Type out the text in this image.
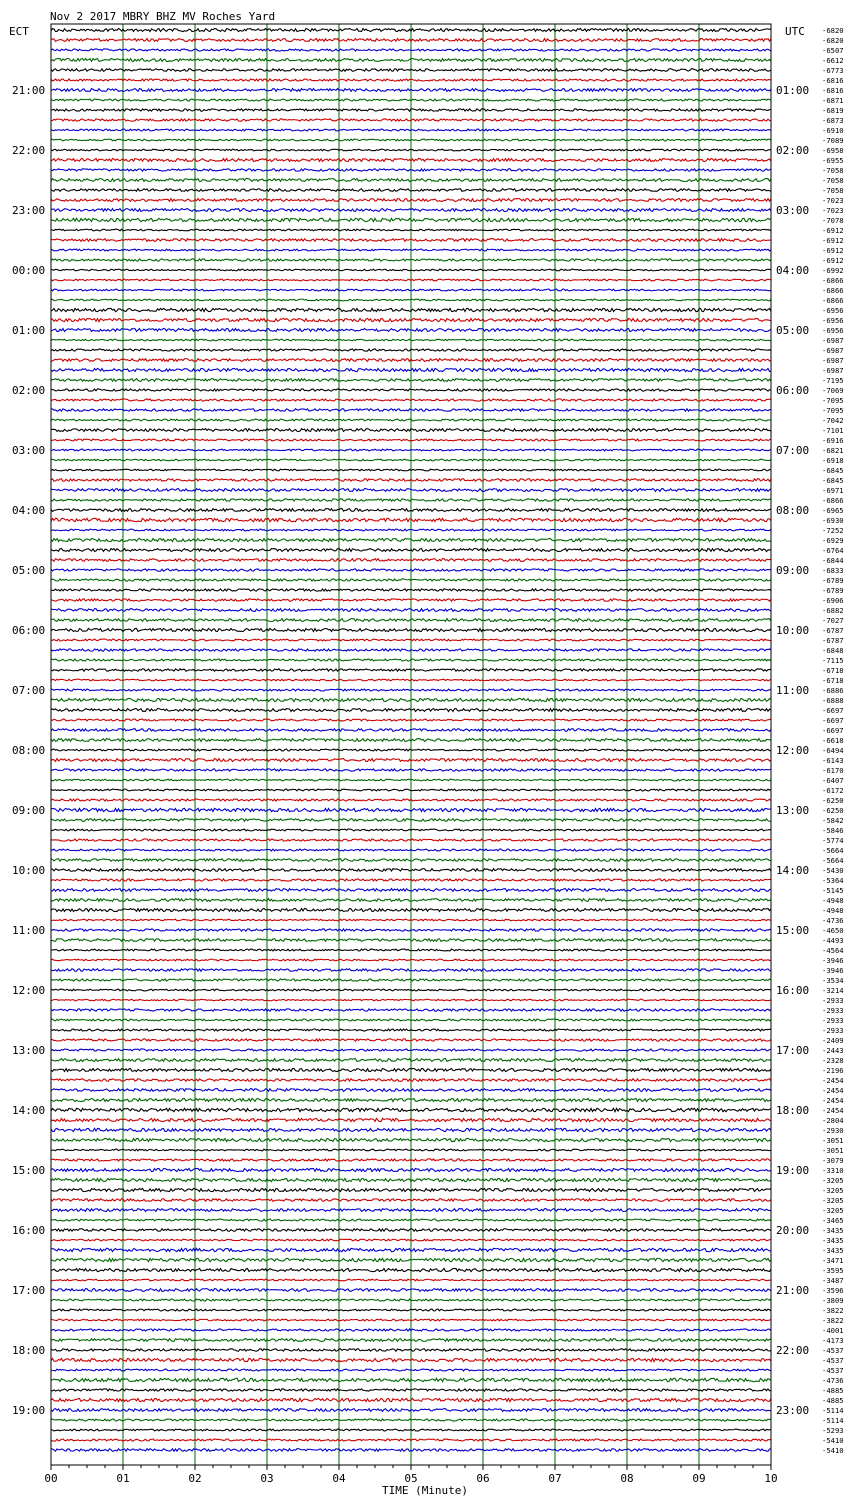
Nov 2 2017 MBRY BHZ MV Roches Yard
ECT	UTC
21:00
22:00
23:00
00:00
01:00
02:00
03:00
04:00
05:00
06:00
07:00
08:00
09:00
10:00
11:00
12:00
13:00
14:00
15:00
16:00
17:00
18:00
19:00
01:00
02:00
03:00
04:00
05:00
06:00
07:00
08:00
09:00
10:00
11:00
12:00
13:00
14:00
15:00
16:00
17:00
18:00
19:00
20:00
21:00
22:00
23:00
-6820
-6820
-6507
-6612
-6773
-6816
-6816
-6871
-6819
-6873
-6910
-7089
-6958
-6955
-7058
-7058
-7058
-7023
-7023
-7078
-6912
-6912
-6912
-6912
-6992
-6866
-6866
-6866
-6956
-6956
-6956
-6987
-6987
-6987
-6987
-7195
-7069
-7095
-7095
-7042
-7101
-6916
-6821
-6918
-6845
-6845
-6971
-6866
-6965
-6930
-7252
-6929
-6764
-6844
-6833
-6789
-6789
-6906
-6882
-7027
-6787
-6787
-6848
-7115
-6718
-6718
-6886
-6888
-6697
-6697
-6697
-6618
-6494
-6143
-6170
-6407
-6172
-6250
-6250
-5842
-5846
-5774
-5664
-5664
-5430
-5364
-5145
-4948
-4948
-4736
-4650
-4493
-4564
-3946
-3946
-3534
-3214
-2933
-2933
-2933
-2933
-2409
-2443
-2328
-2196
-2454
-2454
-2454
-2454
-2804
-2930
-3051
-3051
-3079
-3310
-3205
-3205
-3205
-3205
-3465
-3435
-3435
-3435
-3471
-3595
-3487
-3596
-3809
-3822
-3822
-4001
-4173
-4537
-4537
-4537
-4736
-4885
-4885
-5114
-5114
-5293
-5410
-5410
00	01	02	03	04	05	06	07	08	09	10
TIME (Minute)
